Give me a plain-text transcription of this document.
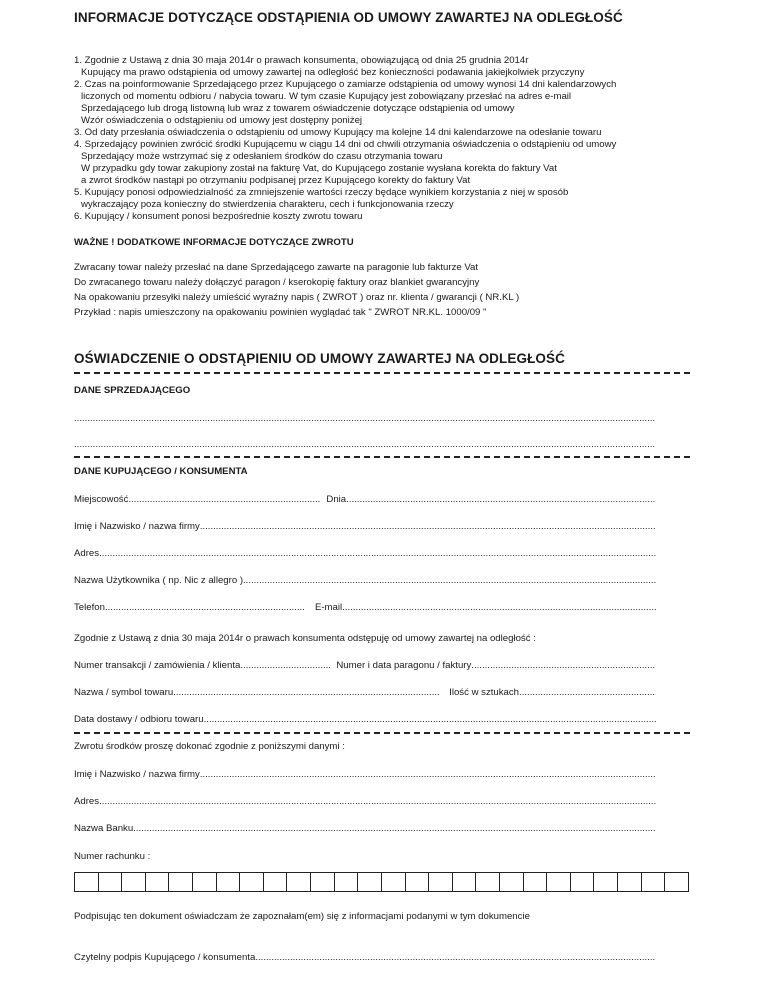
INFORMACJE DOTYCZĄCE ODSTĄPIENIA OD UMOWY ZAWARTEJ NA ODLEGŁOŚĆ
1. Zgodnie z Ustawą z dnia 30 maja 2014r o prawach konsumenta, obowiązującą od dnia 25 grudnia 2014r
Kupujący ma prawo odstąpienia od umowy zawartej na odległość bez konieczności podawania jakiejkolwiek przyczyny
2. Czas na poinformowanie Sprzedającego przez Kupującego o zamiarze odstąpienia od umowy wynosi 14 dni kalendarzowych
liczonych od momentu odbioru / nabycia towaru. W tym czasie Kupujący jest zobowiązany przesłać na adres e-mail
Sprzedającego lub drogą listowną lub wraz z towarem oświadczenie dotyczące odstąpienia od umowy
Wzór oświadczenia o odstąpieniu od umowy jest dostępny poniżej
3. Od daty przesłania oświadczenia o odstąpieniu od umowy Kupujący ma kolejne 14 dni kalendarzowe na odesłanie towaru
4. Sprzedający powinien zwrócić środki Kupującemu w ciągu 14 dni od chwili otrzymania oświadczenia o odstąpieniu od umowy
Sprzedający może wstrzymać się z odesłaniem środków do czasu otrzymania towaru
W przypadku gdy towar zakupiony został na fakturę Vat, do Kupującego zostanie wysłana korekta do faktury Vat
a zwrot środków nastąpi po otrzymaniu podpisanej przez Kupującego korekty do faktury Vat
5. Kupujący ponosi odpowiedzialność za zmniejszenie wartości rzeczy będące wynikiem korzystania z niej w sposób
wykraczający poza konieczny do stwierdzenia charakteru, cech i funkcjonowania rzeczy
6. Kupujący / konsument ponosi bezpośrednie koszty zwrotu towaru
WAŻNE ! DODATKOWE INFORMACJE DOTYCZĄCE ZWROTU
Zwracany towar należy przesłać na dane Sprzedającego zawarte na paragonie lub fakturze Vat
Do zwracanego towaru należy dołączyć paragon / kserokopię faktury oraz blankiet gwarancyjny
Na opakowaniu przesyłki należy umieścić wyraźny napis ( ZWROT ) oraz nr. klienta / gwarancji ( NR.KL )
Przykład : napis umieszczony na opakowaniu powinien wyglądać tak " ZWROT NR.KL. 1000/09 "
OŚWIADCZENIE O ODSTĄPIENIU OD UMOWY ZAWARTEJ NA ODLEGŁOŚĆ
DANE SPRZEDAJĄCEGO
.....
.....
DANE KUPUJĄCEGO / KONSUMENTA
Miejscowość .....	Dnia
.....
Imię i Nazwisko / nazwa firmy
.....
Adres
.....
Nazwa Użytkownika ( np. Nic z allegro )
.....
Telefon .....	E-mail
.....
Zgodnie z Ustawą z dnia 30 maja 2014r o prawach konsumenta odstępuję od umowy zawartej na odległość :
Numer transakcji / zamówienia / klienta .....	Numer i data paragonu / faktury
.....
Nazwa / symbol towaru .....	Ilość w sztukach
.....
Data dostawy / odbioru towaru
.....
Zwrotu środków proszę dokonać zgodnie z poniższymi danymi :
Imię i Nazwisko / nazwa firmy
.....
Adres
.....
Nazwa Banku
.....
Numer rachunku :
Podpisując ten dokument oświadczam że zapoznałam(em) się z informacjami podanymi w tym dokumencie
Czytelny podpis Kupującego / konsumenta
.....
